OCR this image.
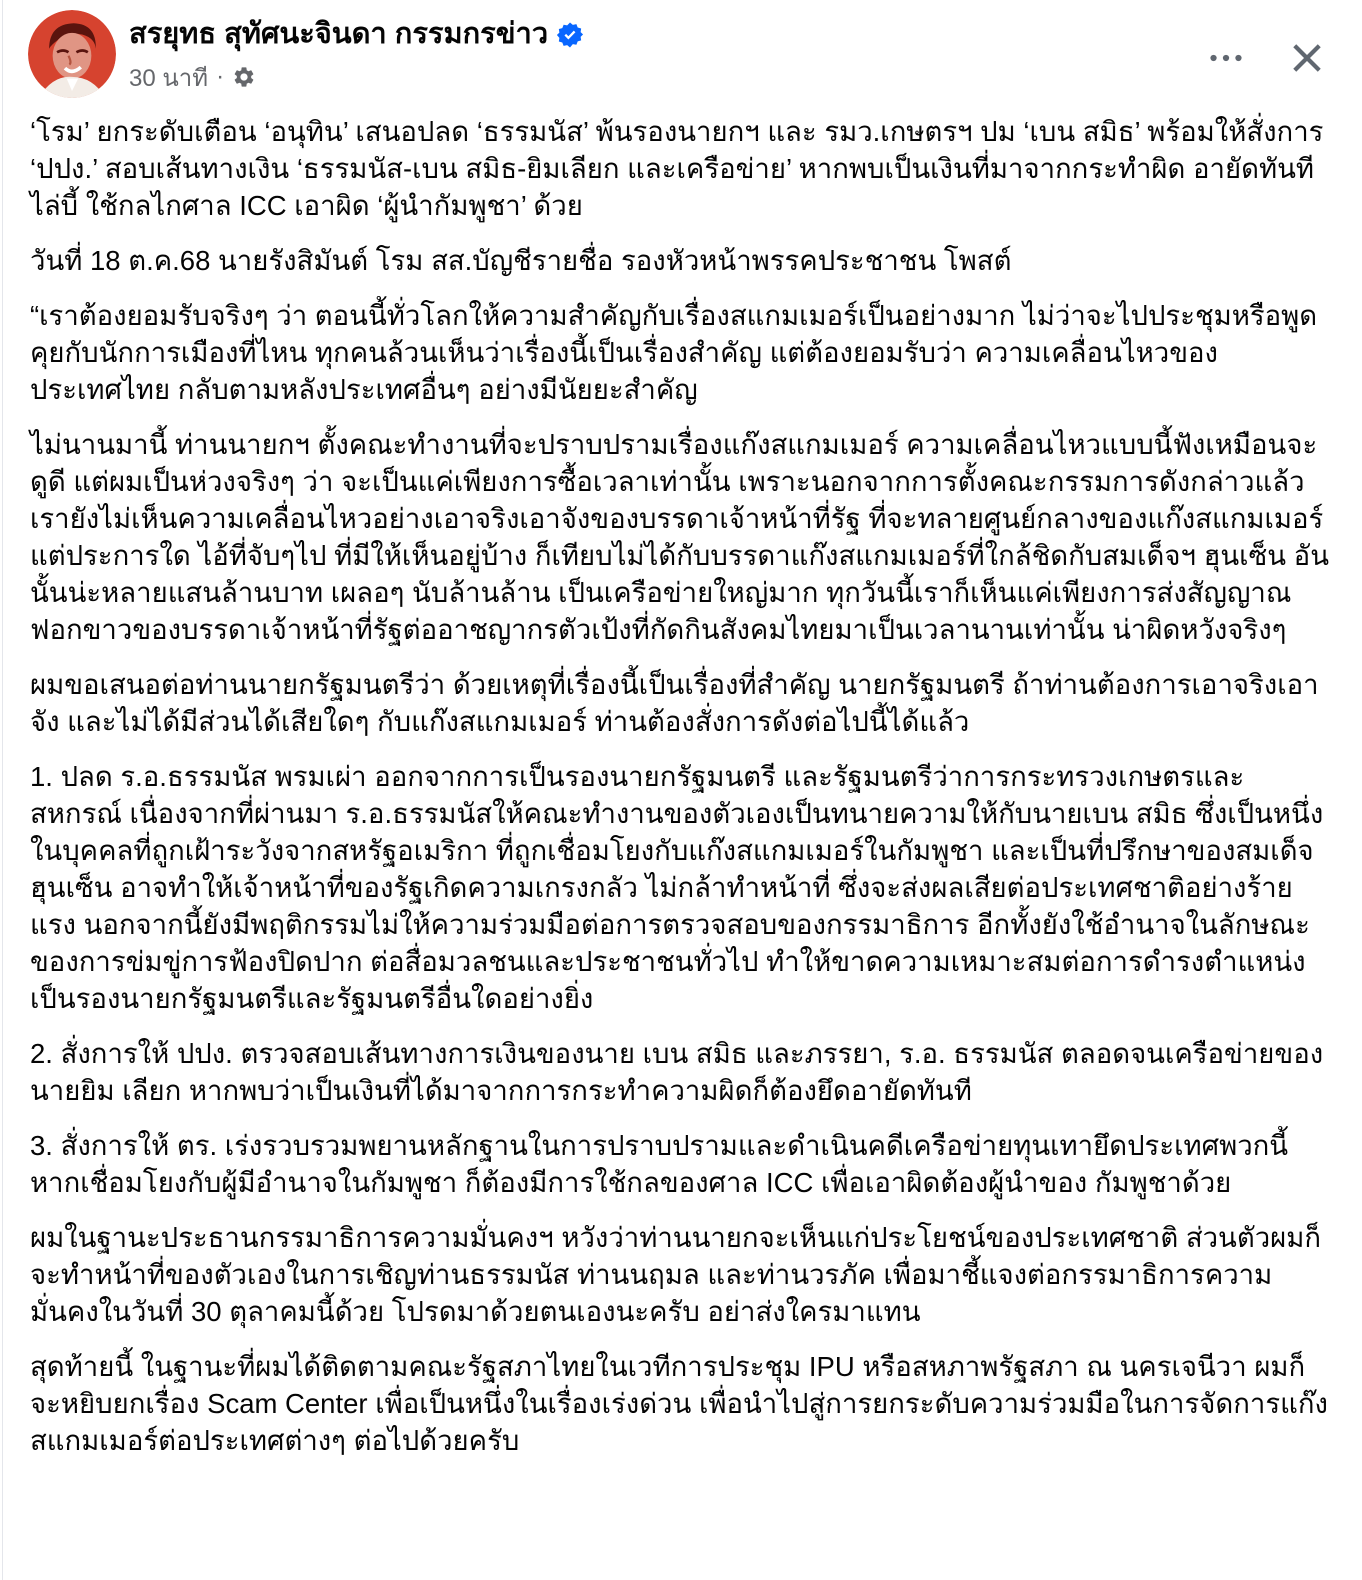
สรยุทธ สุทัศนะจินดา กรรมกรข่าว
30 นาที ·

‘โรม’ ยกระดับเตือน ‘อนุทิน’ เสนอปลด ‘ธรรมนัส’ พ้นรองนายกฯ และ รมว.เกษตรฯ ปม ‘เบน สมิธ’ พร้อมให้สั่งการ ‘ปปง.’ สอบเส้นทางเงิน ‘ธรรมนัส-เบน สมิธ-ยิมเลียก และเครือข่าย’ หากพบเป็นเงินที่มาจากกระทำผิด อายัดทันที ไล่บี้ ใช้กลไกศาล ICC เอาผิด ‘ผู้นำกัมพูชา’ ด้วย

วันที่ 18 ต.ค.68 นายรังสิมันต์ โรม สส.บัญชีรายชื่อ รองหัวหน้าพรรคประชาชน โพสต์

“เราต้องยอมรับจริงๆ ว่า ตอนนี้ทั่วโลกให้ความสำคัญกับเรื่องสแกมเมอร์เป็นอย่างมาก ไม่ว่าจะไปประชุมหรือพูดคุยกับนักการเมืองที่ไหน ทุกคนล้วนเห็นว่าเรื่องนี้เป็นเรื่องสำคัญ แต่ต้องยอมรับว่า ความเคลื่อนไหวของประเทศไทย กลับตามหลังประเทศอื่นๆ อย่างมีนัยยะสำคัญ

ไม่นานมานี้ ท่านนายกฯ ตั้งคณะทำงานที่จะปราบปรามเรื่องแก๊งสแกมเมอร์ ความเคลื่อนไหวแบบนี้ฟังเหมือนจะดูดี แต่ผมเป็นห่วงจริงๆ ว่า จะเป็นแค่เพียงการซื้อเวลาเท่านั้น เพราะนอกจากการตั้งคณะกรรมการดังกล่าวแล้ว เรายังไม่เห็นความเคลื่อนไหวอย่างเอาจริงเอาจังของบรรดาเจ้าหน้าที่รัฐ ที่จะทลายศูนย์กลางของแก๊งสแกมเมอร์แต่ประการใด ไอ้ที่จับๆไป ที่มีให้เห็นอยู่บ้าง ก็เทียบไม่ได้กับบรรดาแก๊งสแกมเมอร์ที่ใกล้ชิดกับสมเด็จฯ ฮุนเซ็น อันนั้นน่ะหลายแสนล้านบาท เผลอๆ นับล้านล้าน เป็นเครือข่ายใหญ่มาก ทุกวันนี้เราก็เห็นแค่เพียงการส่งสัญญาณฟอกขาวของบรรดาเจ้าหน้าที่รัฐต่ออาชญากรตัวเป้งที่กัดกินสังคมไทยมาเป็นเวลานานเท่านั้น น่าผิดหวังจริงๆ

ผมขอเสนอต่อท่านนายกรัฐมนตรีว่า ด้วยเหตุที่เรื่องนี้เป็นเรื่องที่สำคัญ นายกรัฐมนตรี ถ้าท่านต้องการเอาจริงเอาจัง และไม่ได้มีส่วนได้เสียใดๆ กับแก๊งสแกมเมอร์ ท่านต้องสั่งการดังต่อไปนี้ได้แล้ว

1. ปลด ร.อ.ธรรมนัส พรมเผ่า ออกจากการเป็นรองนายกรัฐมนตรี และรัฐมนตรีว่าการกระทรวงเกษตรและสหกรณ์ เนื่องจากที่ผ่านมา ร.อ.ธรรมนัสให้คณะทำงานของตัวเองเป็นทนายความให้กับนายเบน สมิธ ซึ่งเป็นหนึ่งในบุคคลที่ถูกเฝ้าระวังจากสหรัฐอเมริกา ที่ถูกเชื่อมโยงกับแก๊งสแกมเมอร์ในกัมพูชา และเป็นที่ปรึกษาของสมเด็จฮุนเซ็น อาจทำให้เจ้าหน้าที่ของรัฐเกิดความเกรงกลัว ไม่กล้าทำหน้าที่ ซึ่งจะส่งผลเสียต่อประเทศชาติอย่างร้ายแรง นอกจากนี้ยังมีพฤติกรรมไม่ให้ความร่วมมือต่อการตรวจสอบของกรรมาธิการ อีกทั้งยังใช้อำนาจในลักษณะของการข่มขู่การฟ้องปิดปาก ต่อสื่อมวลชนและประชาชนทั่วไป ทำให้ขาดความเหมาะสมต่อการดำรงตำแหน่งเป็นรองนายกรัฐมนตรีและรัฐมนตรีอื่นใดอย่างยิ่ง

2. สั่งการให้ ปปง. ตรวจสอบเส้นทางการเงินของนาย เบน สมิธ และภรรยา, ร.อ. ธรรมนัส ตลอดจนเครือข่ายของนายยิม เลียก หากพบว่าเป็นเงินที่ได้มาจากการกระทำความผิดก็ต้องยึดอายัดทันที

3. สั่งการให้ ตร. เร่งรวบรวมพยานหลักฐานในการปราบปรามและดำเนินคดีเครือข่ายทุนเทายึดประเทศพวกนี้ หากเชื่อมโยงกับผู้มีอำนาจในกัมพูชา ก็ต้องมีการใช้กลของศาล ICC เพื่อเอาผิดต้องผู้นำของ กัมพูชาด้วย

ผมในฐานะประธานกรรมาธิการความมั่นคงฯ หวังว่าท่านนายกจะเห็นแก่ประโยชน์ของประเทศชาติ ส่วนตัวผมก็จะทำหน้าที่ของตัวเองในการเชิญท่านธรรมนัส ท่านนฤมล และท่านวรภัค เพื่อมาชี้แจงต่อกรรมาธิการความมั่นคงในวันที่ 30 ตุลาคมนี้ด้วย โปรดมาด้วยตนเองนะครับ อย่าส่งใครมาแทน

สุดท้ายนี้ ในฐานะที่ผมได้ติดตามคณะรัฐสภาไทยในเวทีการประชุม IPU หรือสหภาพรัฐสภา ณ นครเจนีวา ผมก็จะหยิบยกเรื่อง Scam Center เพื่อเป็นหนึ่งในเรื่องเร่งด่วน เพื่อนำไปสู่การยกระดับความร่วมมือในการจัดการแก๊งสแกมเมอร์ต่อประเทศต่างๆ ต่อไปด้วยครับ
